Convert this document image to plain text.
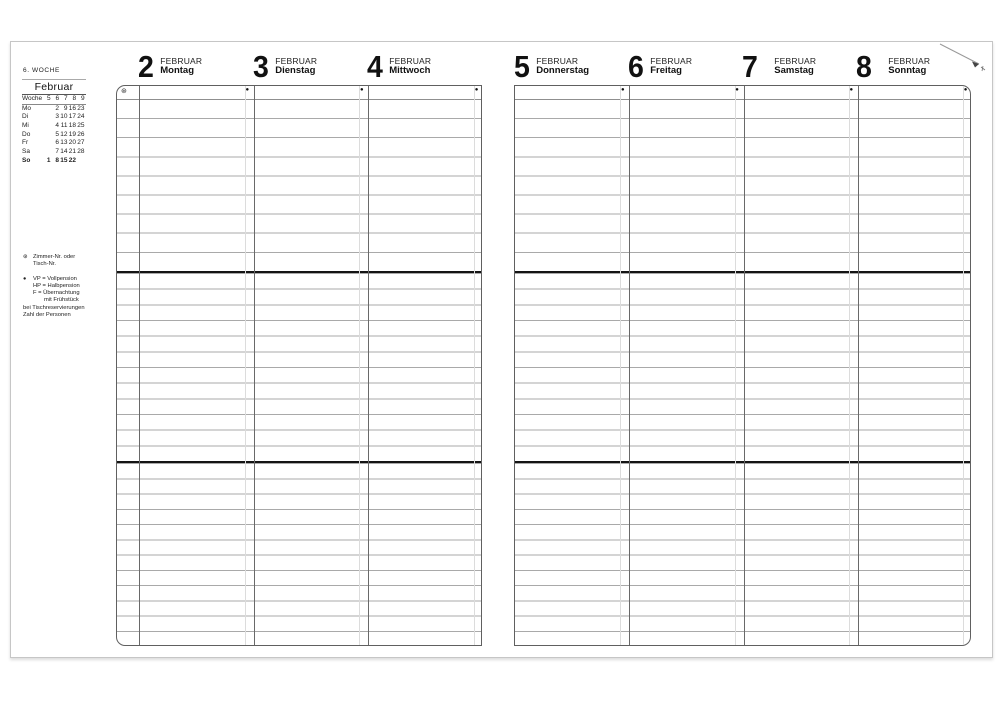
6. WOCHE
Februar
Woche 5 6 7 8 9
Mo	2 9 16 23
Di	3 10 17 24
Mi	4 11 18 25
Do	5 12 19 26
Fr	6 13 20 27
Sa	7 14 21 28
So	1 8 15 22
⊛ Zimmer-Nr. oder
Tisch-Nr.
●	VP = Vollpension
HP = Halbpension
F = Übernachtung
mit Frühstück
bei Tischreservierungen
Zahl der Personen
2 FEBRUAR
Montag 3 FEBRUAR
Dienstag 4 FEBRUAR
Mittwoch	5 FEBRUAR
Donnerstag 6 FEBRUAR
Freitag	7 FEBRUAR
Samstag 8 FEBRUAR
Sonntag
⊛	●	●	●	●	●	●	●
